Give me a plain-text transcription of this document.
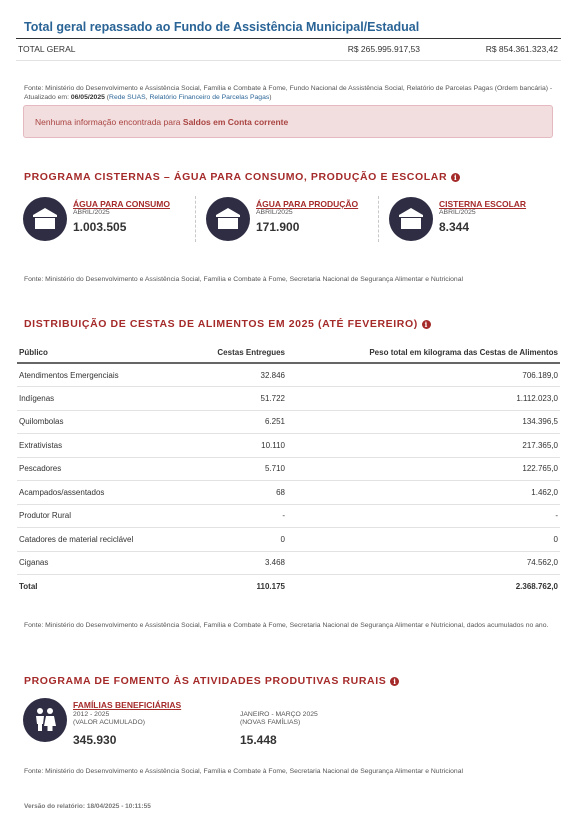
Total geral repassado ao Fundo de Assistência Municipal/Estadual
TOTAL GERAL	R$ 265.995.917,53	R$ 854.361.323,42
Fonte: Ministério do Desenvolvimento e Assistência Social, Família e Combate à Fome, Fundo Nacional de Assistência Social, Relatório de Parcelas Pagas (Ordem bancária) - Atualizado em: 06/05/2025 (Rede SUAS, Relatório Financeiro de Parcelas Pagas)
Nenhuma informação encontrada para Saldos em Conta corrente
PROGRAMA CISTERNAS – ÁGUA PARA CONSUMO, PRODUÇÃO E ESCOLAR i
ÁGUA PARA CONSUMO
ABRIL/2025
1.003.505
ÁGUA PARA PRODUÇÃO
ABRIL/2025
171.900
CISTERNA ESCOLAR
ABRIL/2025
8.344
Fonte: Ministério do Desenvolvimento e Assistência Social, Família e Combate à Fome, Secretaria Nacional de Segurança Alimentar e Nutricional
DISTRIBUIÇÃO DE CESTAS DE ALIMENTOS EM 2025 (ATÉ FEVEREIRO) i
Público	Cestas Entregues	Peso total em kilograma das Cestas de Alimentos
Atendimentos Emergenciais	32.846	706.189,0
Indígenas	51.722	1.112.023,0
Quilombolas	6.251	134.396,5
Extrativistas	10.110	217.365,0
Pescadores	5.710	122.765,0
Acampados/assentados	68	1.462,0
Produtor Rural	-	-
Catadores de material reciclável	0	0
Ciganas	3.468	74.562,0
Total	110.175	2.368.762,0
Fonte: Ministério do Desenvolvimento e Assistência Social, Família e Combate à Fome, Secretaria Nacional de Segurança Alimentar e Nutricional, dados acumulados no ano.
PROGRAMA DE FOMENTO ÀS ATIVIDADES PRODUTIVAS RURAIS i
FAMÍLIAS BENEFICIÁRIAS
2012 - 2025
(VALOR ACUMULADO)
345.930
JANEIRO - MARÇO 2025
(NOVAS FAMÍLIAS)
15.448
Fonte: Ministério do Desenvolvimento e Assistência Social, Família e Combate à Fome, Secretaria Nacional de Segurança Alimentar e Nutricional
Versão do relatório: 18/04/2025 - 10:11:55
